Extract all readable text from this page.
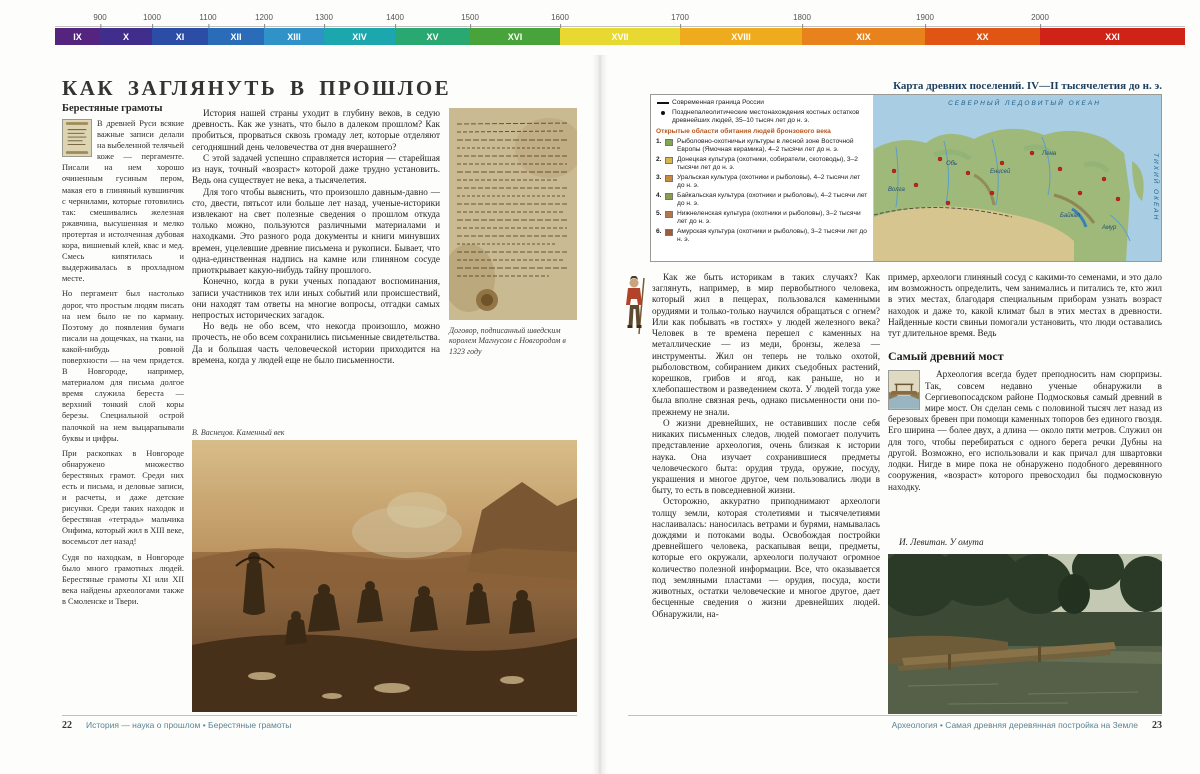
900	1000	1100	1200	1300	1400	1500	1600	1700	1800	1900	2000
IX	X	XI	XII	XIII	XIV	XV	XVI	XVII	XVIII	XIX	XX	XXI
КАК ЗАГЛЯНУТЬ В ПРОШЛОЕ
Берестяные грамоты

В древней Руси всякие важные записи делали на выбеленной телячьей коже — пергаменте. Писали на нем хорошо очиненным гусиным пером, макая его в глиняный кувшинчик с чернилами, которые готовились так: смешивались железная ржавчина, высушенная и мелко протертая и истолченная дубовая кора, вишневый клей, квас и мед. Смесь кипятилась и выдерживалась в прохладном месте.

Но пергамент был настолько дорог, что простым людям писать на нем было не по карману. Поэтому до появления бумаги писали на дощечках, на ткани, на какой-нибудь ровной поверхности — на чем придется. В Новгороде, например, материалом для письма долгое время служила береста — верхний тонкий слой коры березы. Специальной острой палочкой на нем выцарапывали буквы и цифры.

При раскопках в Новгороде обнаружено множество берестяных грамот. Среди них есть и письма, и деловые записи, и расчеты, и даже детские рисунки. Среди таких находок и берестяная «тетрадь» мальчика Онфима, который жил в XIII веке, восемьсот лет назад!

Судя по находкам, в Новгороде было много грамотных людей. Берестяные грамоты XI или XII века найдены археологами также в Смоленске и Твери.

История нашей страны уходит в глубину веков, в седую древность. Как же узнать, что было в далеком прошлом? Как пробиться, прорваться сквозь громаду лет, которые отделяют сегодняшний день человечества от дня вчерашнего?

С этой задачей успешно справляется история — старейшая из наук, точный «возраст» которой даже трудно установить. Ведь она существует не века, а тысячелетия.

Для того чтобы выяснить, что произошло давным-давно — сто, двести, пятьсот или больше лет назад, ученые-историки извлекают на свет полезные сведения о прошлом откуда только можно, пользуются различными материалами и находками. Это разного рода документы и книги минувших времен, уцелевшие древние письмена и рукописи. Бывает, что одна-единственная надпись на камне или глиняном сосуде приоткрывает какую-нибудь тайну прошлого.

Конечно, когда в руки ученых попадают воспоминания, записи участников тех или иных событий или происшествий, они находят там ответы на многие вопросы, отгадки самых непростых исторических загадок.

Но ведь не обо всем, что некогда произошло, можно прочесть, не обо всем сохранились письменные свидетельства. Да и большая часть человеческой истории приходится на времена, когда у людей еще не было письменности.

Договор, подписанный шведским королем Магнусом с Новгородом в 1323 году

В. Васнецов. Каменный век

22 История — наука о прошлом • Берестяные грамоты
Карта древних поселений. IV—II тысячелетия до н. э.
Современная граница России
Позднепалеолитические местонахождения костных остатков древнейших людей, 35–10 тысяч лет до н. э.
Открытые области обитания людей бронзового века
1.	Рыболовно-охотничьи культуры в лесной зоне Восточной Европы (Ямочная керамика), 4–2 тысячи лет до н. э.
2.	Донецкая культура (охотники, собиратели, скотоводы), 3–2 тысячи лет до н. э.
3.	Уральская культура (охотники и рыболовы), 4–2 тысячи лет до н. э.
4.	Байкальская культура (охотники и рыболовы), 4–2 тысячи лет до н. э.
5.	Нижнеленская культура (охотники и рыболовы), 3–2 тысячи лет до н. э.
6.	Амурская культура (охотники и рыболовы), 3–2 тысячи лет до н. э.
СЕВЕРНЫЙ ЛЕДОВИТЫЙ ОКЕАН
ТИХИЙ ОКЕАН
Волга
Обь
Енисей
Лена
Байкал
Амур

Как же быть историкам в таких случаях? Как заглянуть, например, в мир первобытного человека, который жил в пещерах, пользовался каменными орудиями и только-только научился обращаться с огнем? Или как побывать «в гостях» у людей железного века? Человек в те времена перешел с каменных на металлические — из меди, бронзы, железа — инструменты. Жил он теперь не только охотой, рыболовством, собиранием диких съедобных растений, корешков, грибов и ягод, как раньше, но и хлебопашеством и разведением скота. У людей тогда уже была вполне связная речь, однако письменности они по-прежнему не знали.

О жизни древнейших, не оставивших после себя никаких письменных следов, людей помогает получить представление археология, очень близкая к истории наука. Она изучает сохранившиеся предметы человеческого быта: орудия труда, оружие, посуду, украшения и многое другое, чем пользовались люди в быту, то есть в повседневной жизни.

Осторожно, аккуратно приподнимают археологи толщу земли, которая столетиями и тысячелетиями наслаивалась: наносилась ветрами и бурями, намывалась дождями и потоками воды. Освобождая постройки древнейшего человека, раскапывая вещи, предметы, которые его окружали, археологи получают огромное количество полезной информации. Все, что оказывается под земляными пластами — орудия, посуда, кости животных, остатки человеческие и многое другое, дает бесценные сведения о жизни древнейших людей. Обнаружили, на-

пример, археологи глиняный сосуд с какими-то семенами, и это дало им возможность определить, чем занимались и питались те, кто жил в этих местах, благодаря специальным приборам узнать возраст находок и даже то, какой климат был в этих местах в древности. Найденные кости свиньи помогали установить, что люди оставались тут длительное время. Ведь

Самый древний мост

Археология всегда будет преподносить нам сюрпризы. Так, совсем недавно ученые обнаружили в Сергиевопосадском районе Подмосковья самый древний в мире мост. Он сделан семь с половиной тысяч лет назад из березовых бревен при помощи каменных топоров без единого гвоздя. Его ширина — более двух, а длина — около пяти метров. Служил он для того, чтобы перебираться с одного берега речки Дубны на другой. Возможно, его использовали и как причал для швартовки лодки. Нигде в мире пока не обнаружено подобного деревянного сооружения, «возраст» которого превосходил бы подмосковную находку.

И. Левитан. У омута

Археология • Самая древняя деревянная постройка на Земле 23
